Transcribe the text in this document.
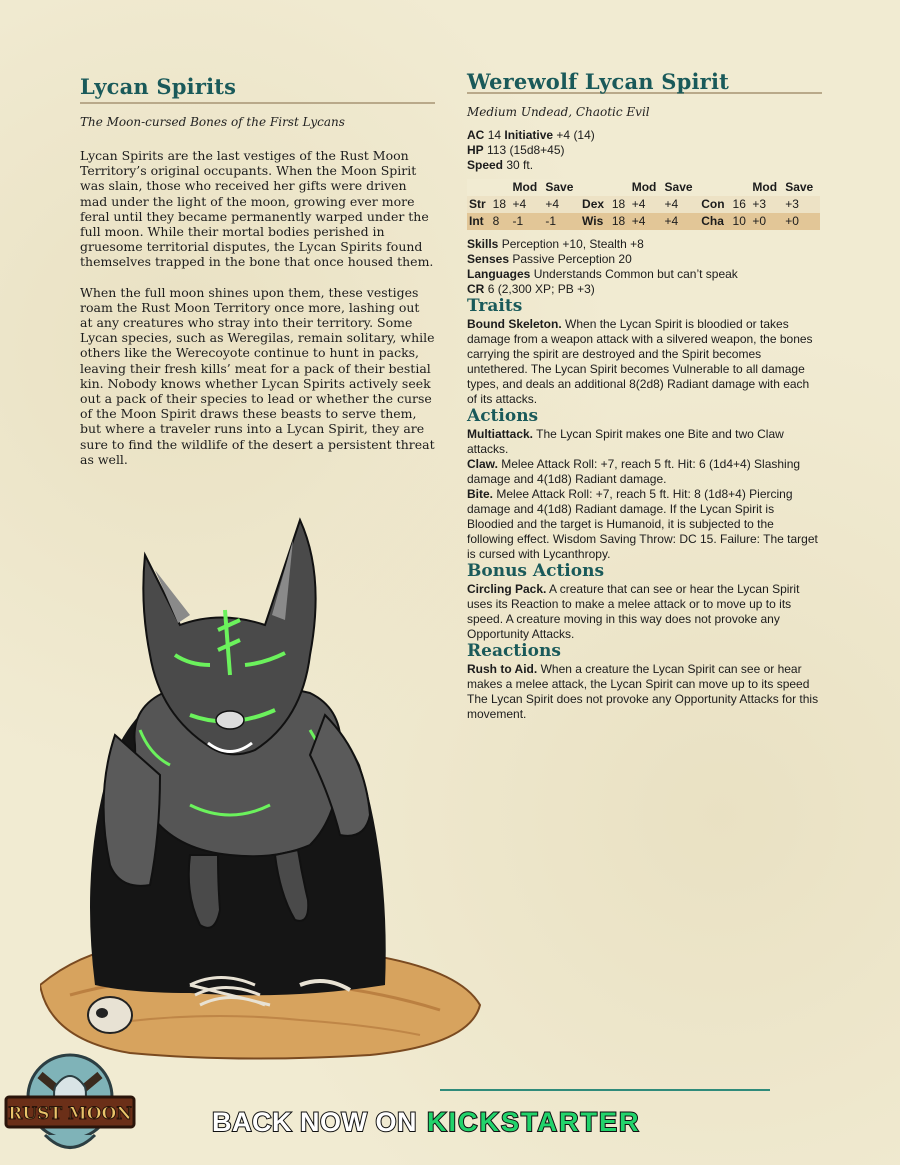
Lycan Spirits
The Moon-cursed Bones of the First Lycans

Lycan Spirits are the last vestiges of the Rust Moon Territory’s original occupants. When the Moon Spirit was slain, those who received her gifts were driven mad under the light of the moon, growing ever more feral until they became permanently warped under the full moon. While their mortal bodies perished in gruesome territorial disputes, the Lycan Spirits found themselves trapped in the bone that once housed them.

When the full moon shines upon them, these vestiges roam the Rust Moon Territory once more, lashing out at any creatures who stray into their territory. Some Lycan species, such as Weregilas, remain solitary, while others like the Werecoyote continue to hunt in packs, leaving their fresh kills’ meat for a pack of their bestial kin. Nobody knows whether Lycan Spirits actively seek out a pack of their species to lead or whether the curse of the Moon Spirit draws these beasts to serve them, but where a traveler runs into a Lycan Spirit, they are sure to find the wildlife of the desert a persistent threat as well.

Werewolf Lycan Spirit
Medium Undead, Chaotic Evil
AC 14 Initiative +4 (14)
HP 113 (15d8+45)
Speed 30 ft.
		Mod	Save			Mod	Save			Mod	Save
Str	18	+4	+4	Dex	18	+4	+4	Con	16	+3	+3
Int	8	-1	-1	Wis	18	+4	+4	Cha	10	+0	+0
Skills Perception +10, Stealth +8
Senses Passive Perception 20
Languages Understands Common but can’t speak
CR 6 (2,300 XP; PB +3)
Traits
Bound Skeleton. When the Lycan Spirit is bloodied or takes damage from a weapon attack with a silvered weapon, the bones carrying the spirit are destroyed and the Spirit becomes untethered. The Lycan Spirit becomes Vulnerable to all damage types, and deals an additional 8(2d8) Radiant damage with each of its attacks.
Actions
Multiattack. The Lycan Spirit makes one Bite and two Claw attacks.
Claw. Melee Attack Roll: +7, reach 5 ft. Hit: 6 (1d4+4) Slashing damage and 4(1d8) Radiant damage.
Bite. Melee Attack Roll: +7, reach 5 ft. Hit: 8 (1d8+4) Piercing damage and 4(1d8) Radiant damage. If the Lycan Spirit is Bloodied and the target is Humanoid, it is subjected to the following effect. Wisdom Saving Throw: DC 15. Failure: The target is cursed with Lycanthropy.
Bonus Actions
Circling Pack. A creature that can see or hear the Lycan Spirit uses its Reaction to make a melee attack or to move up to its speed. A creature moving in this way does not provoke any Opportunity Attacks.
Reactions
Rush to Aid. When a creature the Lycan Spirit can see or hear makes a melee attack, the Lycan Spirit can move up to its speed The Lycan Spirit does not provoke any Opportunity Attacks for this movement.
RUST MOON	BACK NOW ON KICKSTARTER
